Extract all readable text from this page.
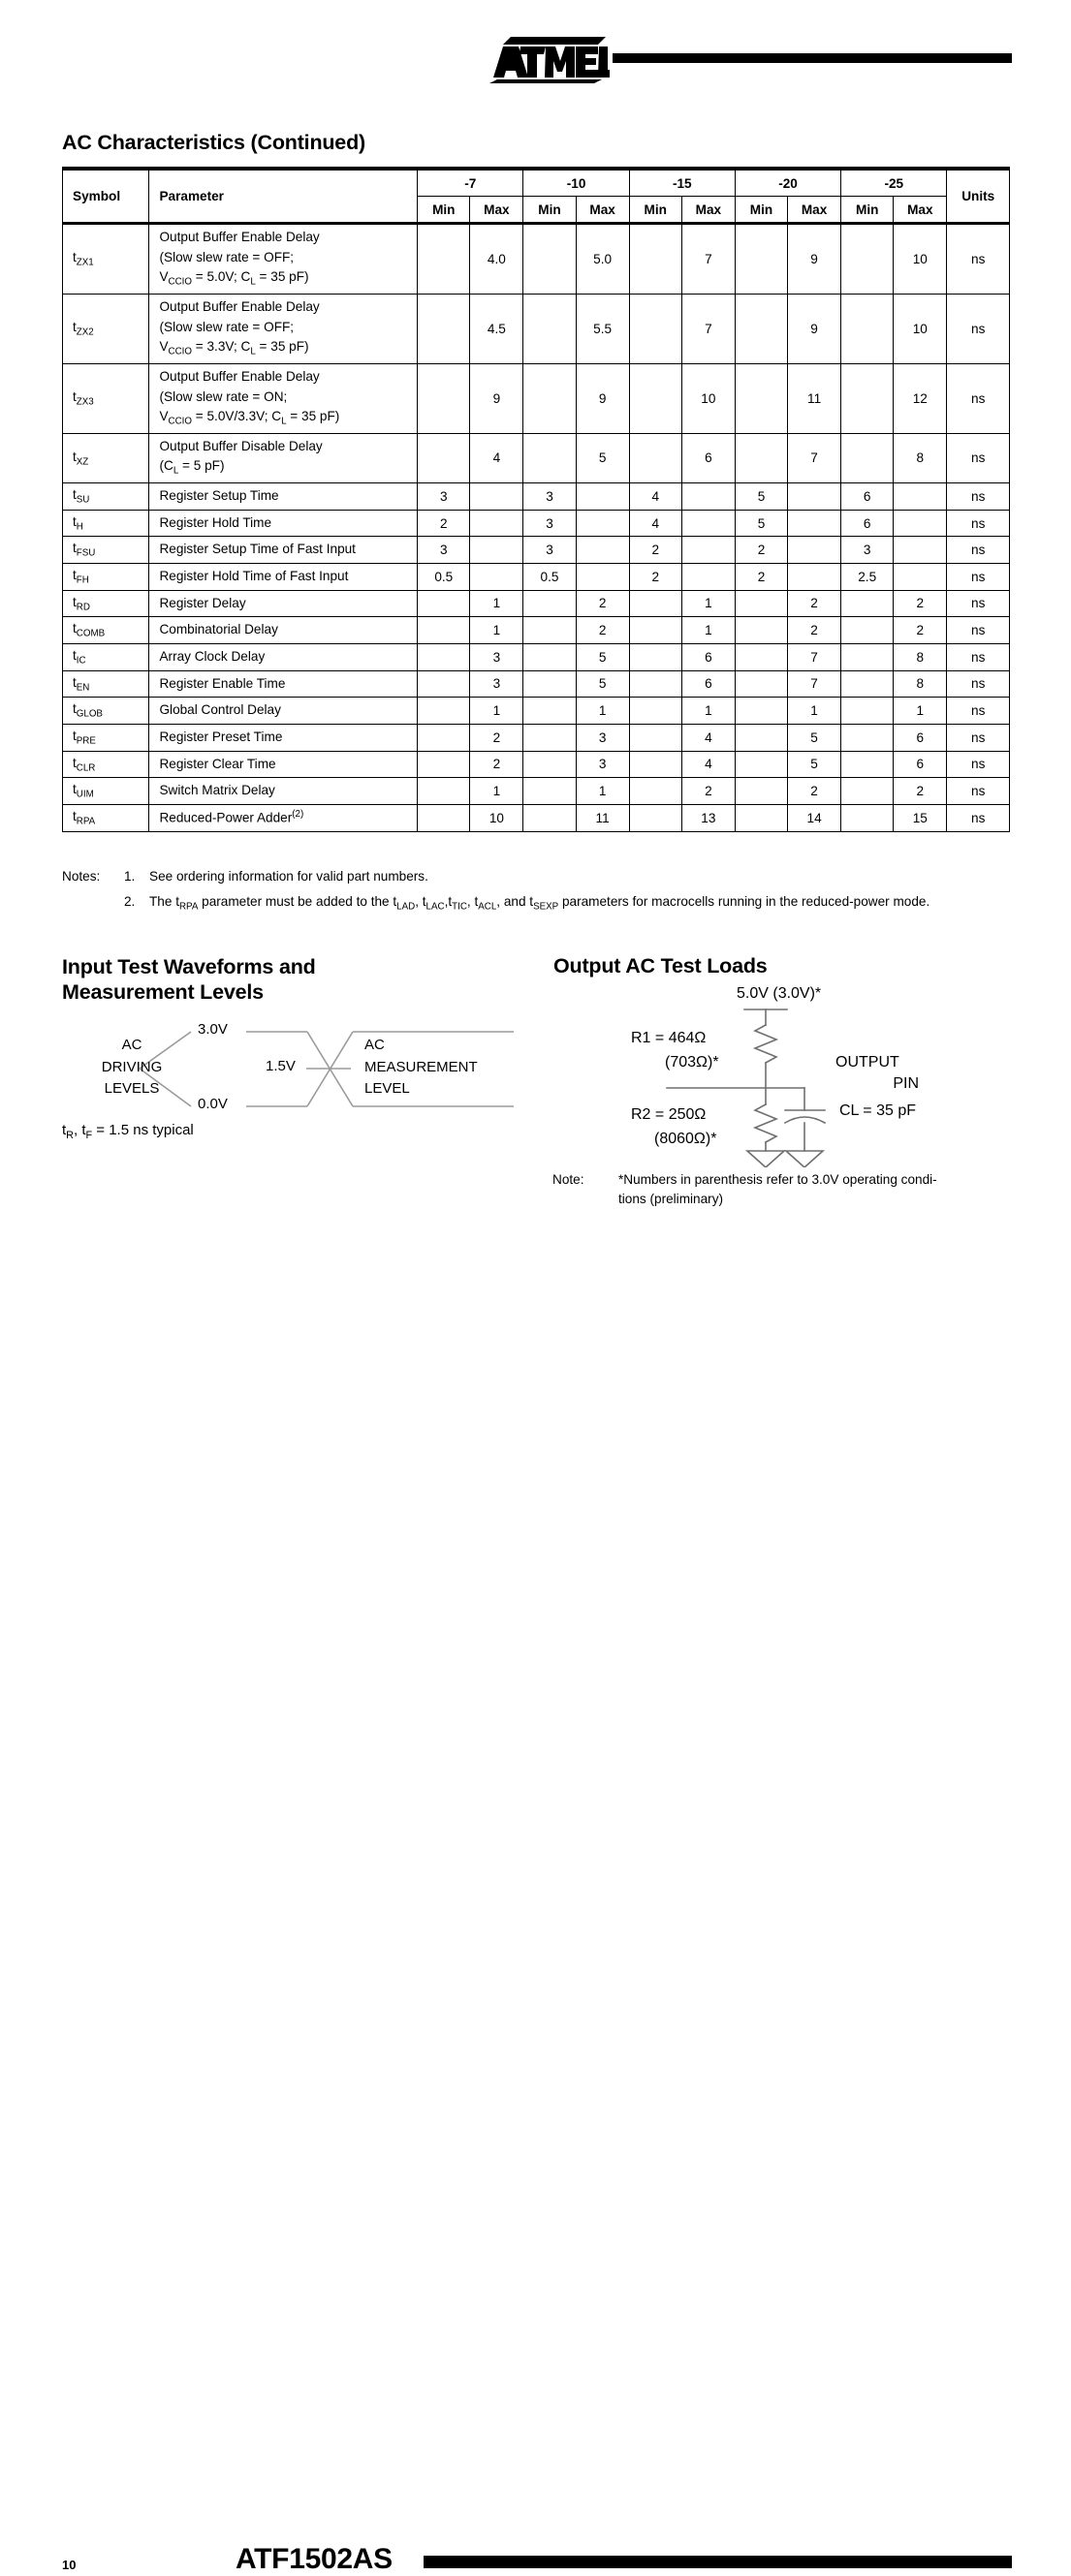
AC Characteristics (Continued)
Symbol	Parameter	-7		-10		-15		-20		-25		Units
		Min	Max	Min	Max	Min	Max	Min	Max	Min	Max	
$t_{ZX1}$	Output Buffer Enable Delay
(Slow slew rate = OFF;
$V_{CCIO} = 5.0V$; $C_L = 35$ pF)		4.0		5.0		7		9		10	ns
$t_{ZX2}$	Output Buffer Enable Delay
(Slow slew rate = OFF;
$V_{CCIO} = 3.3V$; $C_L = 35$ pF)		4.5		5.5		7		9		10	ns
$t_{ZX3}$	Output Buffer Enable Delay
(Slow slew rate = ON;
$V_{CCIO} = 5.0V/3.3V$; $C_L = 35$ pF)		9		9		10		11		12	ns
$t_{XZ}$	Output Buffer Disable Delay
($C_L = 5$ pF)		4		5		6		7		8	ns
$t_{SU}$	Register Setup Time	3		3		4		5		6		ns
$t_H$	Register Hold Time	2		3		4		5		6		ns
$t_{FSU}$	Register Setup Time of Fast Input	3		3		2		2		3		ns
$t_{FH}$	Register Hold Time of Fast Input	0.5		0.5		2		2		2.5		ns
$t_{RD}$	Register Delay		1		2		1		2		2	ns
$t_{COMB}$	Combinatorial Delay		1		2		1		2		2	ns
$t_{IC}$	Array Clock Delay		3		5		6		7		8	ns
$t_{EN}$	Register Enable Time		3		5		6		7		8	ns
$t_{GLOB}$	Global Control Delay		1		1		1		1		1	ns
$t_{PRE}$	Register Preset Time		2		3		4		5		6	ns
$t_{CLR}$	Register Clear Time		2		3		4		5		6	ns
$t_{UIM}$	Switch Matrix Delay		1		1		2		2		2	ns
$t_{RPA}$	Reduced-Power Adder$^{(2)}$		10		11		13		14		15	ns
Notes:	1.	See ordering information for valid part numbers.
2.	The $t_{RPA}$ parameter must be added to the $t_{LAD}$, $t_{LAC},t_{TIC}$, $t_{ACL}$, and $t_{SEXP}$ parameters for macrocells running in the reduced-power mode.
Input Test Waveforms and
Measurement Levels
AC
DRIVING
LEVELS
3.0V
0.0V
1.5V
AC
MEASUREMENT
LEVEL
$t_R$, $t_F = 1.5$ ns typical
Output AC Test Loads
5.0V (3.0V)*
R1 = 464Ω
(703Ω)*
R2 = 250Ω
(8060Ω)*
OUTPUT
PIN
CL = 35 pF
Note:	*Numbers in parenthesis refer to 3.0V operating condi-
tions (preliminary)
10	ATF1502AS
